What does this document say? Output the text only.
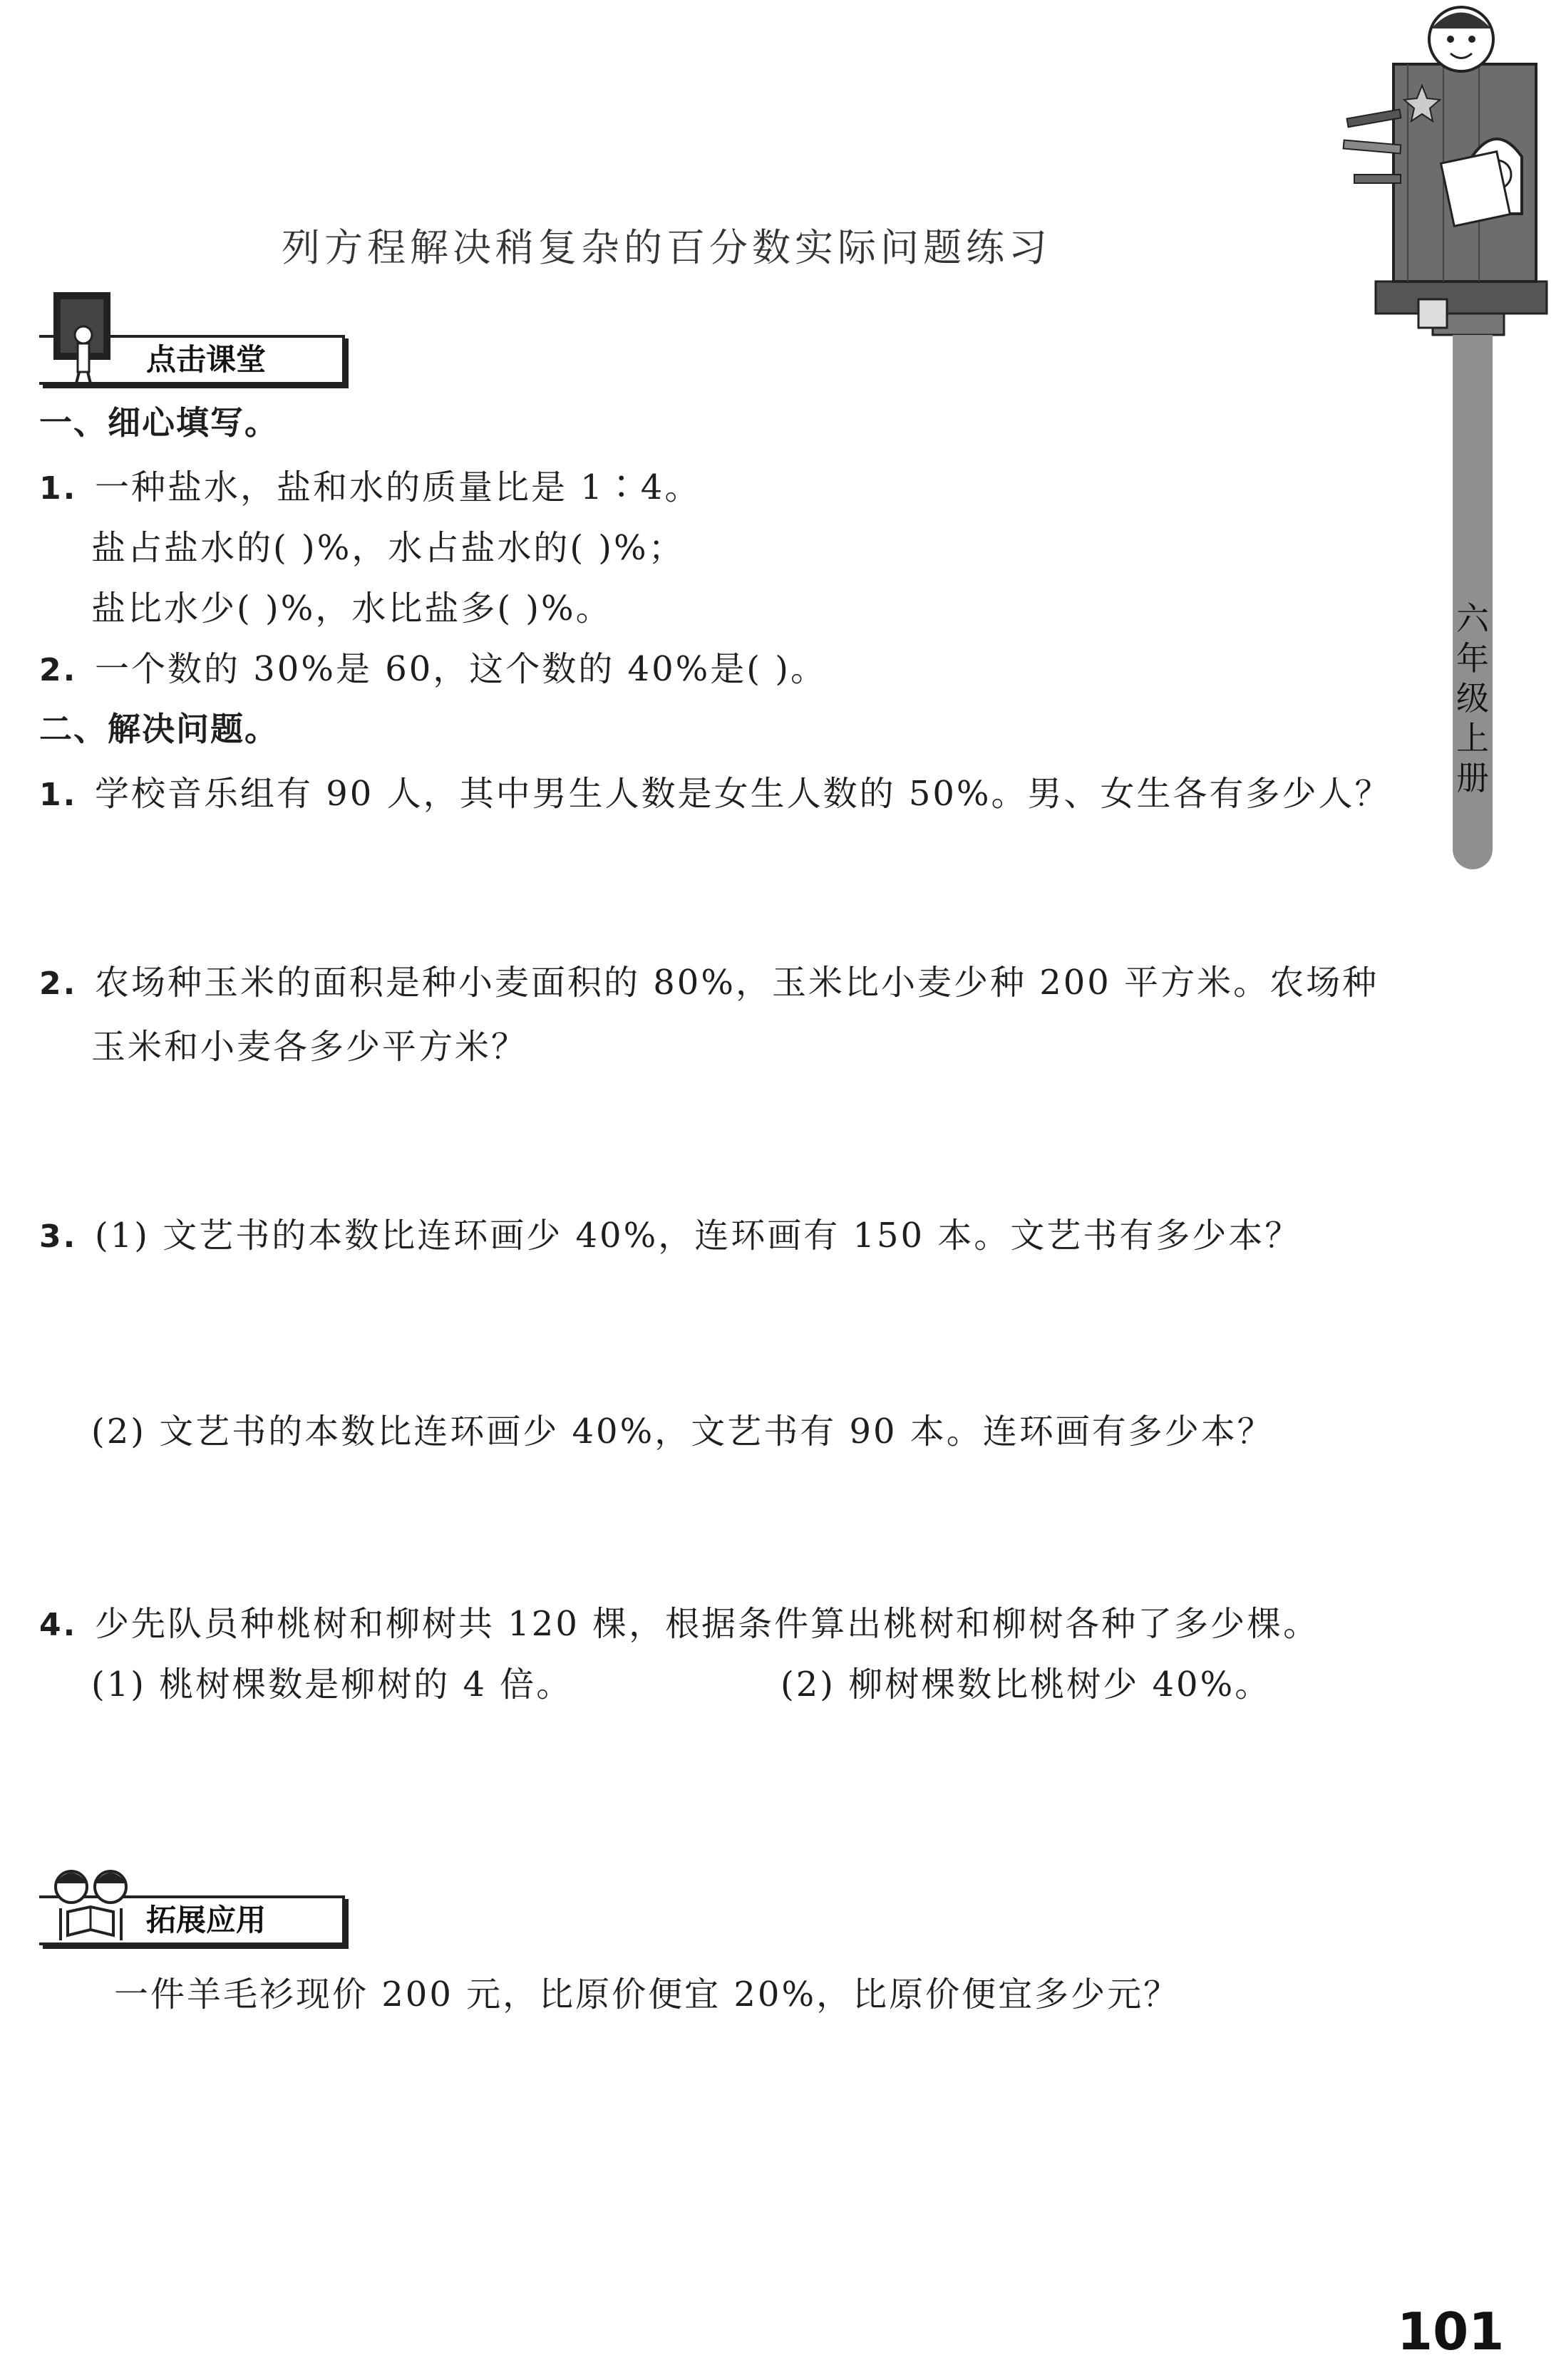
六年级上册
列方程解决稍复杂的百分数实际问题练习
点击课堂
一、细心填写。
1. 一种盐水，盐和水的质量比是 1∶4。
盐占盐水的( )%，水占盐水的( )%；
盐比水少( )%，水比盐多( )%。
2. 一个数的 30%是 60，这个数的 40%是( )。
二、解决问题。
1. 学校音乐组有 90 人，其中男生人数是女生人数的 50%。男、女生各有多少人？
2. 农场种玉米的面积是种小麦面积的 80%，玉米比小麦少种 200 平方米。农场种
玉米和小麦各多少平方米？
3. (1) 文艺书的本数比连环画少 40%，连环画有 150 本。文艺书有多少本？
(2) 文艺书的本数比连环画少 40%，文艺书有 90 本。连环画有多少本？
4. 少先队员种桃树和柳树共 120 棵，根据条件算出桃树和柳树各种了多少棵。
(1) 桃树棵数是柳树的 4 倍。	(2) 柳树棵数比桃树少 40%。
拓展应用
一件羊毛衫现价 200 元，比原价便宜 20%，比原价便宜多少元？
101
